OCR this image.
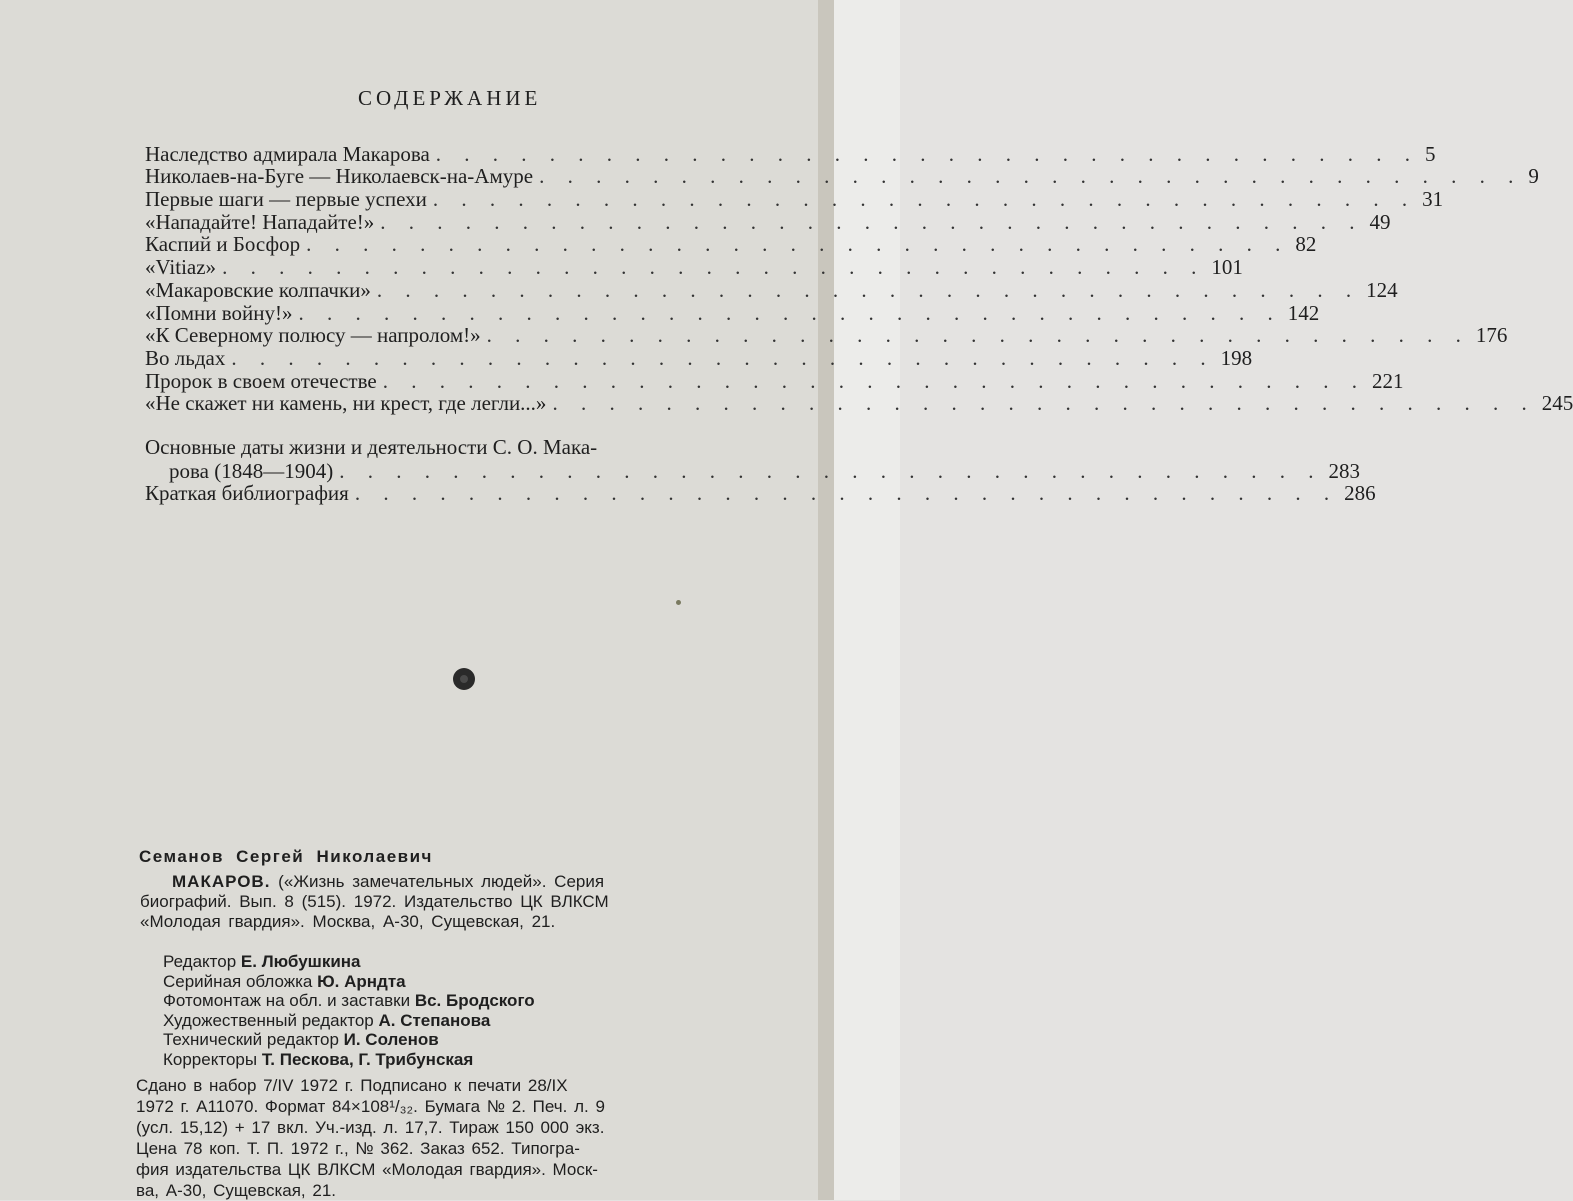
СОДЕРЖАНИЕ
Наследство адмирала Макарова . . . . . . . . . . . . . . . . . . . . . . . . . . . . . . . . . . . 5
Николаев-на-Буге — Николаевск-на-Амуре . . . . . . . . . . . . . . . . . . . . . . . . . . . . . . . . . . . 9
Первые шаги — первые успехи . . . . . . . . . . . . . . . . . . . . . . . . . . . . . . . . . . . 31
«Нападайте! Нападайте!» . . . . . . . . . . . . . . . . . . . . . . . . . . . . . . . . . . . 49
Каспий и Босфор . . . . . . . . . . . . . . . . . . . . . . . . . . . . . . . . . . . 82
«Vitiaz» . . . . . . . . . . . . . . . . . . . . . . . . . . . . . . . . . . . 101
«Макаровские колпачки» . . . . . . . . . . . . . . . . . . . . . . . . . . . . . . . . . . . 124
«Помни войну!» . . . . . . . . . . . . . . . . . . . . . . . . . . . . . . . . . . . 142
«К Северному полюсу — напролом!» . . . . . . . . . . . . . . . . . . . . . . . . . . . . . . . . . . . 176
Во льдах . . . . . . . . . . . . . . . . . . . . . . . . . . . . . . . . . . . 198
Пророк в своем отечестве . . . . . . . . . . . . . . . . . . . . . . . . . . . . . . . . . . . 221
«Не скажет ни камень, ни крест, где легли...» . . . . . . . . . . . . . . . . . . . . . . . . . . . . . . . . . . . 245
Основные даты жизни и деятельности С. О. Мака-
рова (1848—1904) . . . . . . . . . . . . . . . . . . . . . . . . . . . . . . . . . . . 283
Краткая библиография . . . . . . . . . . . . . . . . . . . . . . . . . . . . . . . . . . . 286
Семанов Сергей Николаевич
МАКАРОВ. («Жизнь замечательных людей». Серия
биографий. Вып. 8 (515). 1972. Издательство ЦК ВЛКСМ
«Молодая гвардия». Москва, А-30, Сущевская, 21.
Редактор Е. Любушкина
Серийная обложка Ю. Арндта
Фотомонтаж на обл. и заставки Вс. Бродского
Художественный редактор А. Степанова
Технический редактор И. Соленов
Корректоры Т. Пескова, Г. Трибунская
Сдано в набор 7/IV 1972 г. Подписано к печати 28/IX
1972 г. А11070. Формат 84×108¹/₃₂. Бумага № 2. Печ. л. 9
(усл. 15,12) + 17 вкл. Уч.-изд. л. 17,7. Тираж 150 000 экз.
Цена 78 коп. Т. П. 1972 г., № 362. Заказ 652. Типогра-
фия издательства ЦК ВЛКСМ «Молодая гвардия». Моск-
ва, А-30, Сущевская, 21.
